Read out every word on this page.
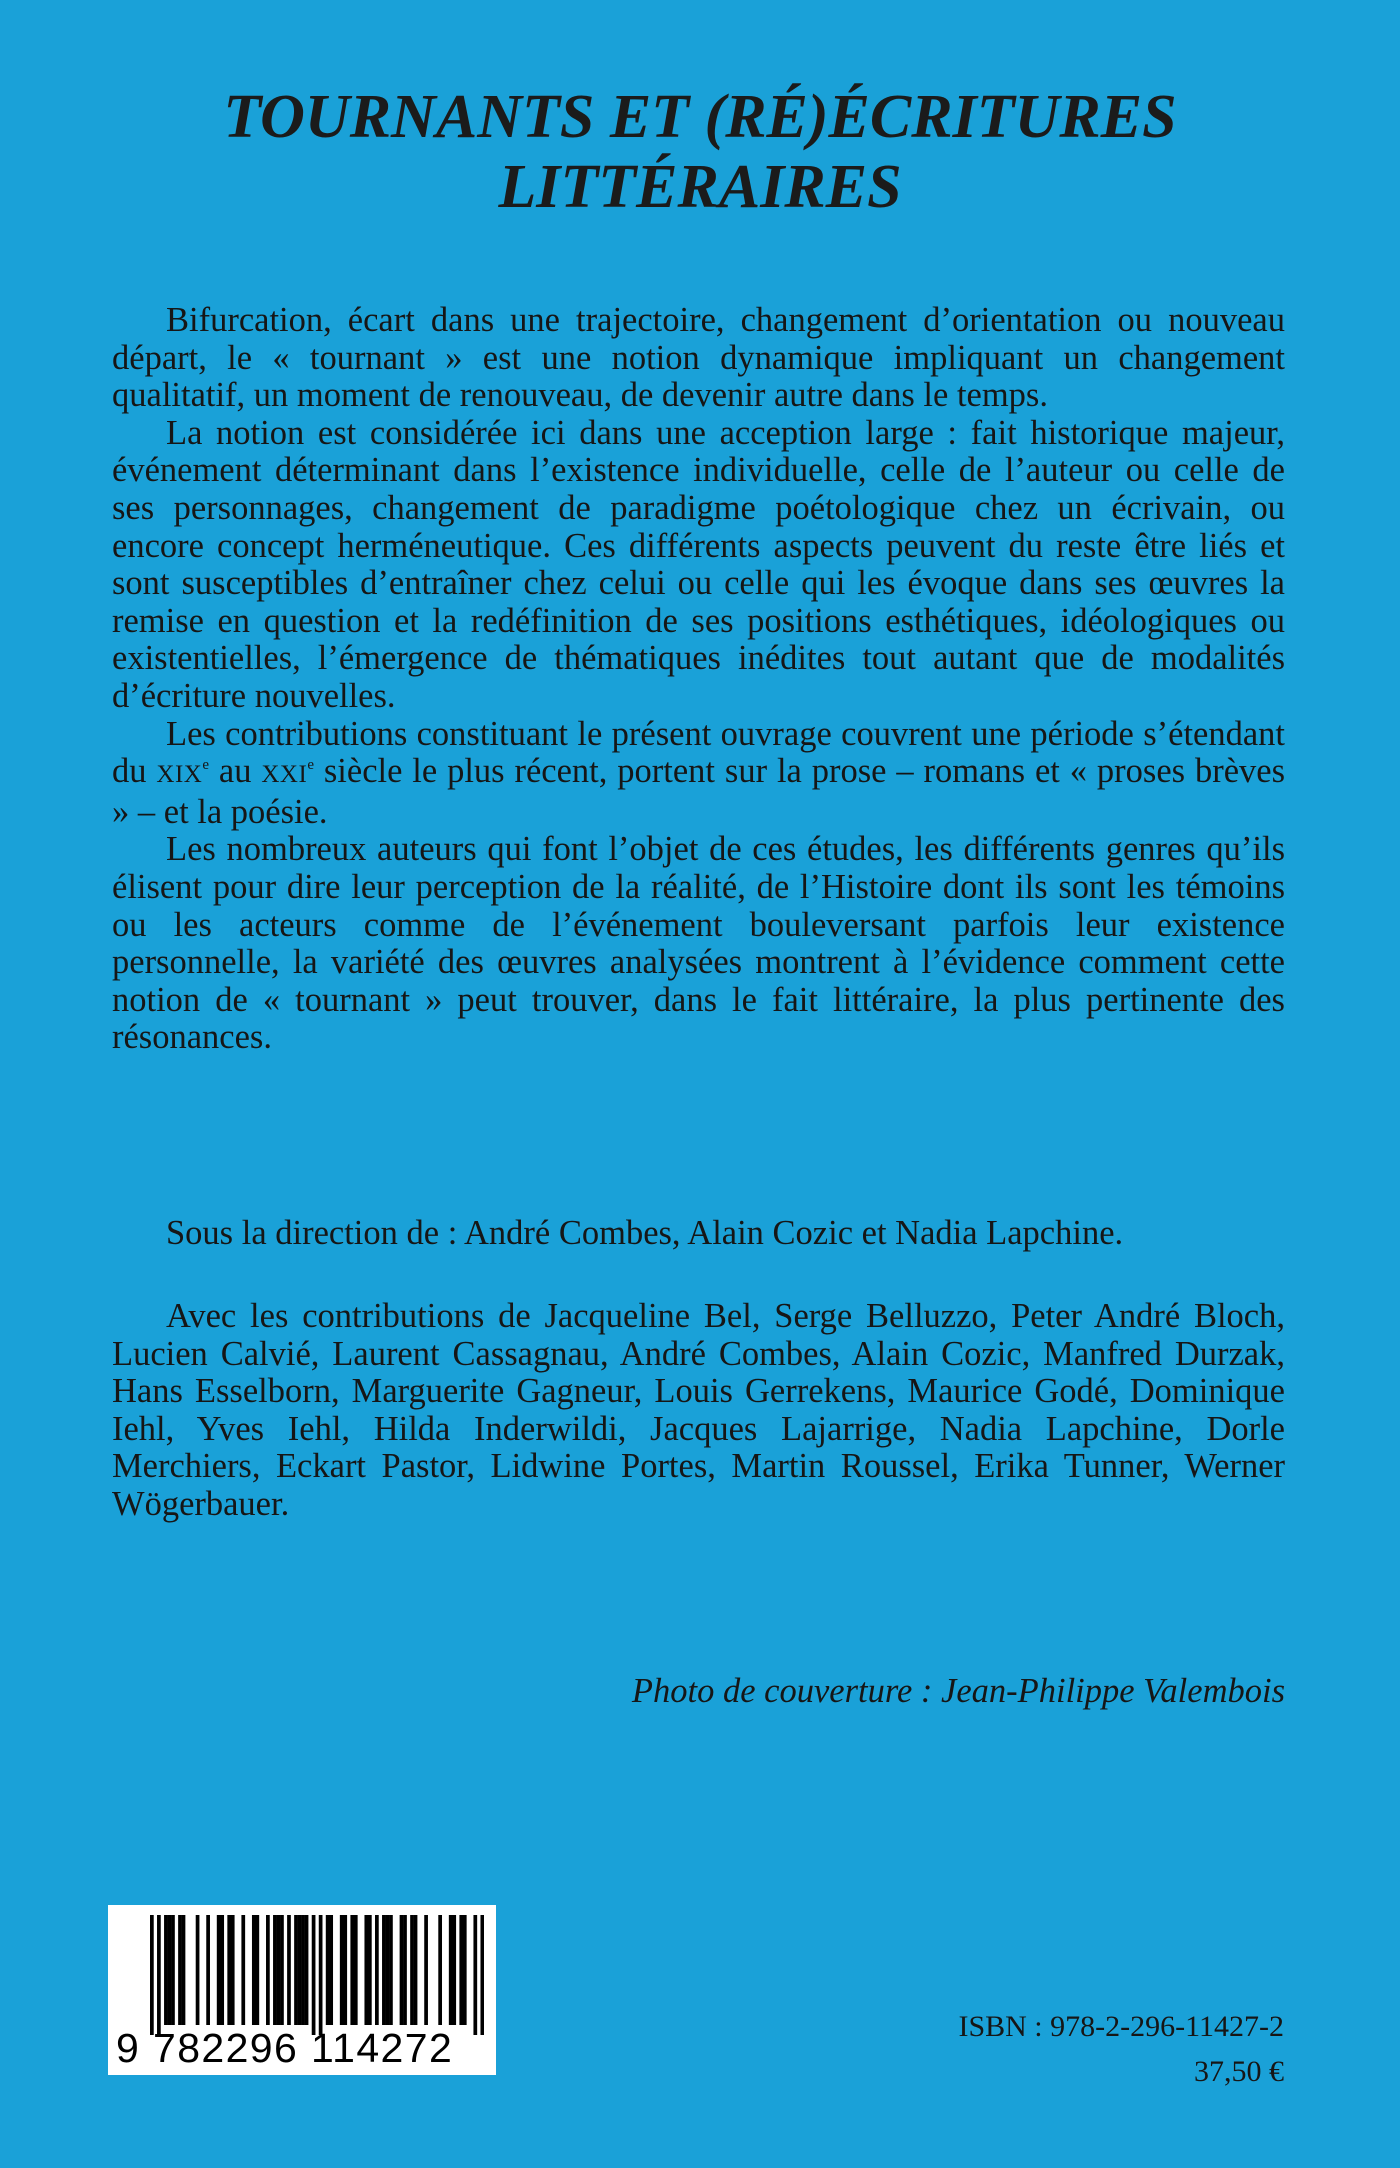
TOURNANTS ET (RÉ)ÉCRITURES
LITTÉRAIRES

Bifurcation, écart dans une trajectoire, changement d’orientation ou nouveau départ, le « tournant » est une notion dynamique impliquant un changement qualitatif, un moment de renouveau, de devenir autre dans le temps.

La notion est considérée ici dans une acception large : fait historique majeur, événement déterminant dans l’existence individuelle, celle de l’auteur ou celle de ses personnages, changement de paradigme poétologique chez un écrivain, ou encore concept herméneutique. Ces différents aspects peuvent du reste être liés et sont susceptibles d’entraîner chez celui ou celle qui les évoque dans ses œuvres la remise en question et la redéfinition de ses positions esthétiques, idéologiques ou existentielles, l’émergence de thématiques inédites tout autant que de modalités d’écriture nouvelles.

Les contributions constituant le présent ouvrage couvrent une période s’étendant du XIXe au XXIe siècle le plus récent, portent sur la prose – romans et « proses brèves » – et la poésie.

Les nombreux auteurs qui font l’objet de ces études, les différents genres qu’ils élisent pour dire leur perception de la réalité, de l’Histoire dont ils sont les témoins ou les acteurs comme de l’événement bouleversant parfois leur existence personnelle, la variété des œuvres analysées montrent à l’évidence comment cette notion de « tournant » peut trouver, dans le fait littéraire, la plus pertinente des résonances.

Sous la direction de : André Combes, Alain Cozic et Nadia Lapchine.
Avec les contributions de Jacqueline Bel, Serge Belluzzo, Peter André Bloch, Lucien Calvié, Laurent Cassagnau, André Combes, Alain Cozic, Manfred Durzak, Hans Esselborn, Marguerite Gagneur, Louis Gerrekens, Maurice Godé, Dominique Iehl, Yves Iehl, Hilda Inderwildi, Jacques Lajarrige, Nadia Lapchine, Dorle Merchiers, Eckart Pastor, Lidwine Portes, Martin Roussel, Erika Tunner, Werner Wögerbauer.
Photo de couverture : Jean-Philippe Valembois
9 782296 114272	ISBN : 978-2-296-11427-2
37,50 €
